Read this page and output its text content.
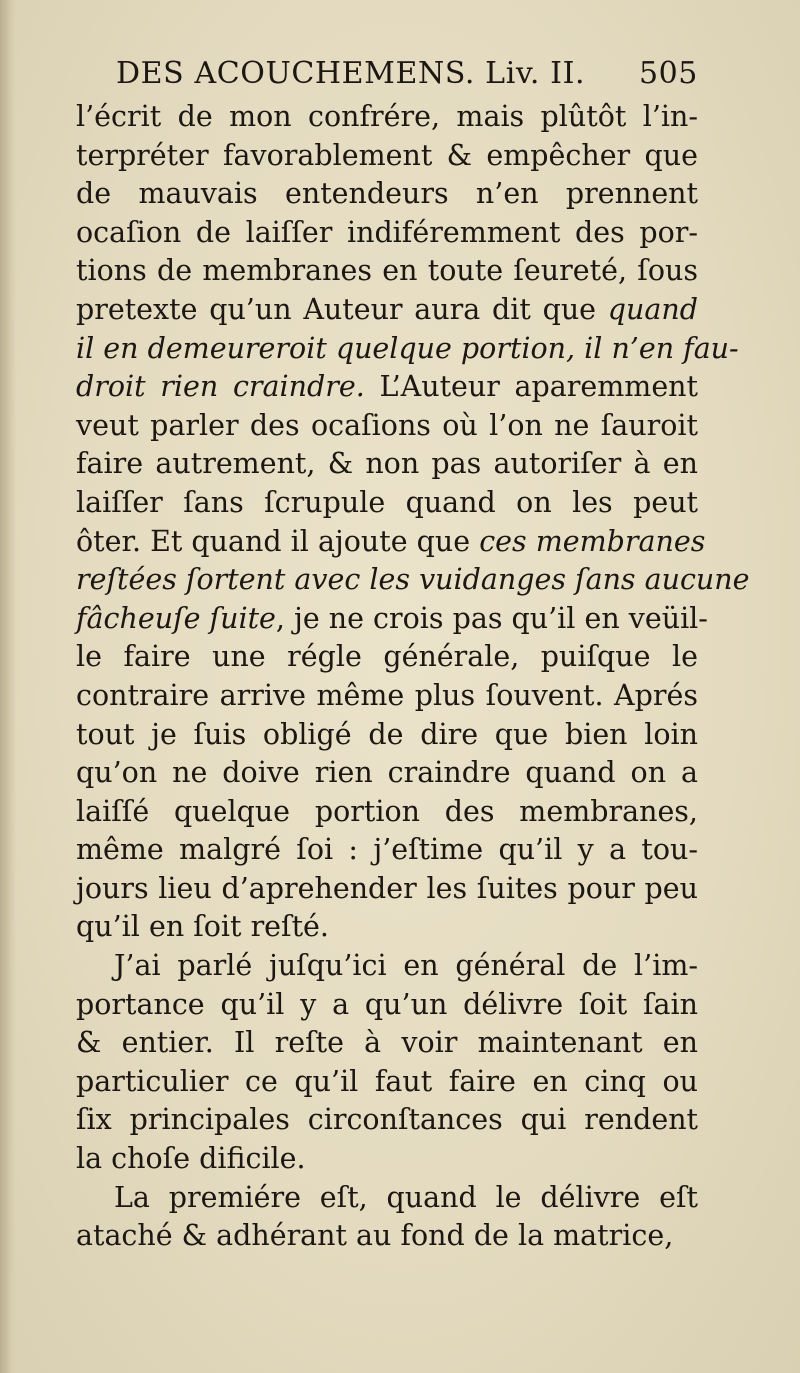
DES ACOUCHEMENS. Liv. II. 505
l’écrit de mon confrére, mais plûtôt l’in-
terpréter favorablement & empêcher que
de mauvais entendeurs n’en prennent
ocaſion de laiſſer indiféremment des por-
tions de membranes en toute ſeureté, ſous
pretexte qu’un Auteur aura dit que quand
il en demeureroit quelque portion, il n’en fau-
droit rien craindre. L’Auteur aparemment
veut parler des ocaſions où l’on ne ſauroit
faire autrement, & non pas autoriſer à en
laiſſer ſans ſcrupule quand on les peut
ôter. Et quand il ajoute que ces membranes
reſtées ſortent avec les vuidanges ſans aucune
fâcheuſe ſuite, je ne crois pas qu’il en veüil-
le faire une régle générale, puiſque le
contraire arrive même plus ſouvent. Aprés
tout je ſuis obligé de dire que bien loin
qu’on ne doive rien craindre quand on a
laiſſé quelque portion des membranes,
même malgré ſoi : j’eſtime qu’il y a tou-
jours lieu d’aprehender les ſuites pour peu
qu’il en ſoit reſté.
J’ai parlé juſqu’ici en général de l’im-
portance qu’il y a qu’un délivre ſoit ſain
& entier. Il reſte à voir maintenant en
particulier ce qu’il faut faire en cinq ou
ſix principales circonſtances qui rendent
la choſe dificile.
La premiére eſt, quand le délivre eſt
ataché & adhérant au fond de la matrice,
